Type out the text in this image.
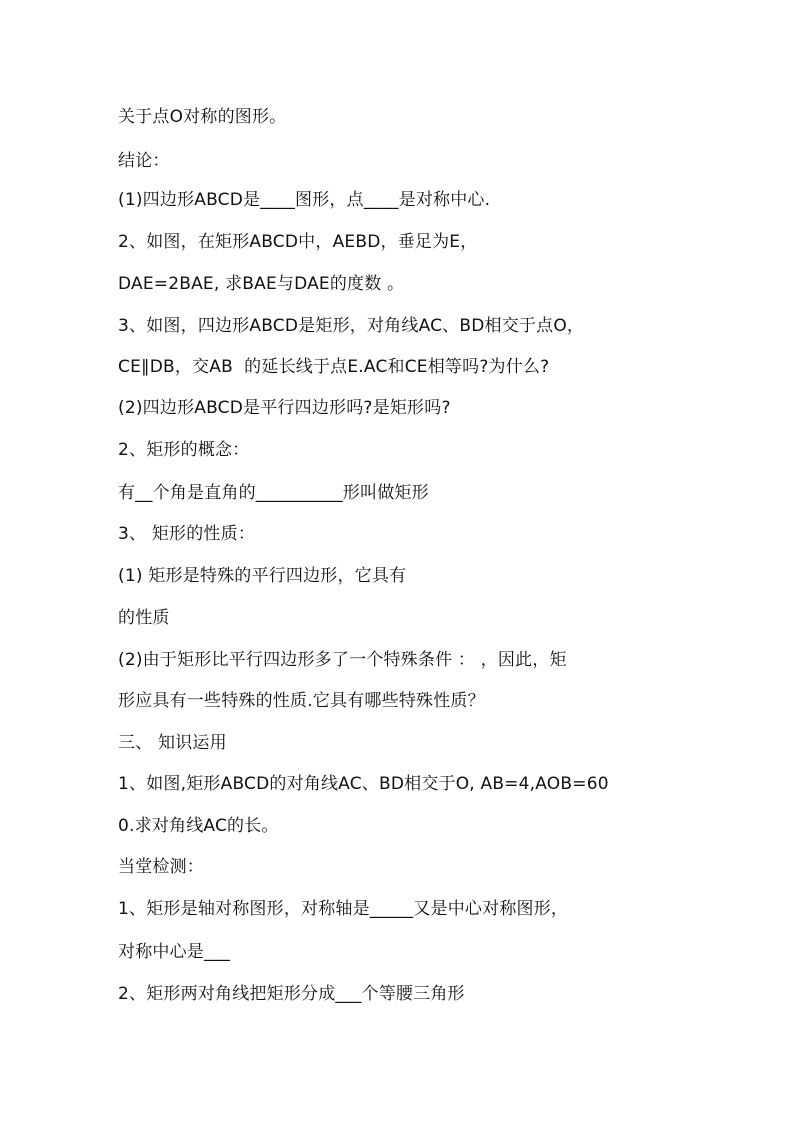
关于点O对称的图形。
结论：
(1)四边形ABCD是____图形，点____是对称中心.
2、如图，在矩形ABCD中，AEBD，垂足为E，
DAE=2BAE, 求BAE与DAE的度数 。
3、如图，四边形ABCD是矩形，对角线AC、BD相交于点O，
CE∥DB，交AB  的延长线于点E.AC和CE相等吗?为什么?
(2)四边形ABCD是平行四边形吗?是矩形吗?
2、矩形的概念：
有__个角是直角的__________形叫做矩形
3、 矩形的性质：
(1) 矩形是特殊的平行四边形，它具有
的性质
(2)由于矩形比平行四边形多了一个特殊条件 ： ，因此，矩
形应具有一些特殊的性质.它具有哪些特殊性质？
三、 知识运用
1、如图,矩形ABCD的对角线AC、BD相交于O, AB=4,AOB=60
0.求对角线AC的长。
当堂检测：
1、矩形是轴对称图形，对称轴是_____又是中心对称图形，
对称中心是___
2、矩形两对角线把矩形分成___个等腰三角形
